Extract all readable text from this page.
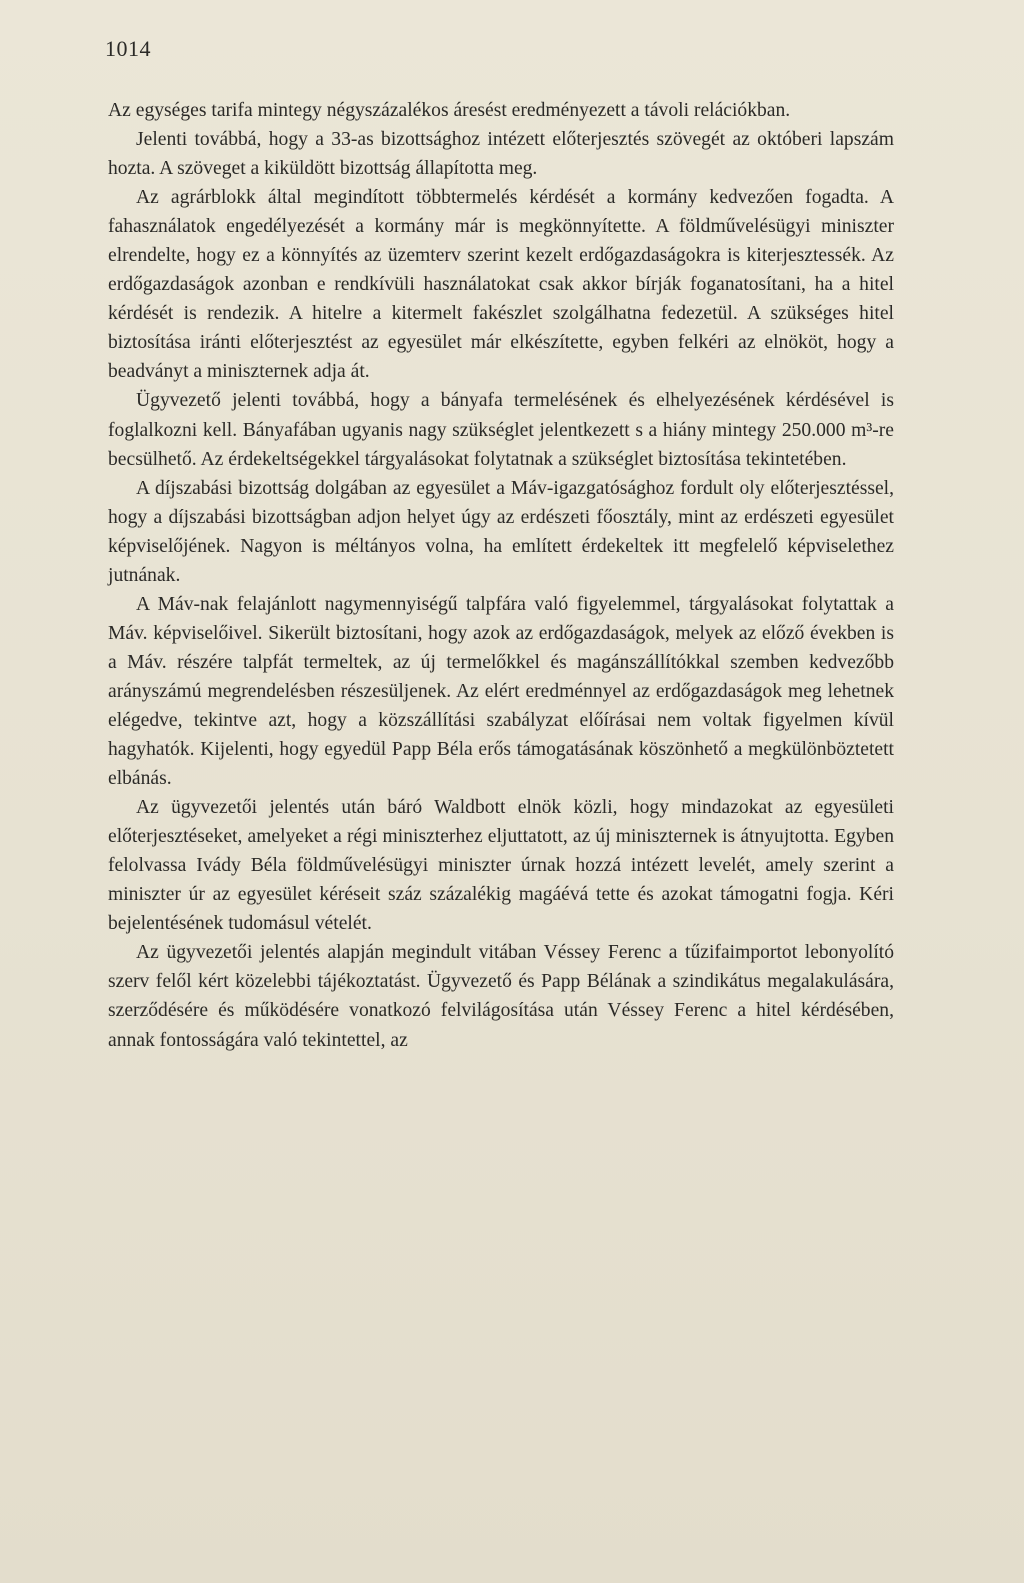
1014

Az egységes tarifa mintegy négyszázalékos áresést eredményezett a távoli relációkban.

Jelenti továbbá, hogy a 33-as bizottsághoz intézett előterjesztés szövegét az októberi lapszám hozta. A szöveget a kiküldött bizottság állapította meg.

Az agrárblokk által megindított többtermelés kérdését a kormány kedvezően fogadta. A fahasználatok engedélyezését a kormány már is megkönnyítette. A földművelésügyi miniszter elrendelte, hogy ez a könnyítés az üzemterv szerint kezelt erdőgazdaságokra is kiterjesztessék. Az erdőgazdaságok azonban e rendkívüli használatokat csak akkor bírják foganatosítani, ha a hitel kérdését is rendezik. A hitelre a kitermelt fakészlet szolgálhatna fedezetül. A szükséges hitel biztosítása iránti előterjesztést az egyesület már elkészítette, egyben felkéri az elnököt, hogy a beadványt a miniszternek adja át.

Ügyvezető jelenti továbbá, hogy a bányafa termelésének és elhelyezésének kérdésével is foglalkozni kell. Bányafában ugyanis nagy szükséglet jelentkezett s a hiány mintegy 250.000 m³-re becsülhető. Az érdekeltségekkel tárgyalásokat folytatnak a szükséglet biztosítása tekintetében.

A díjszabási bizottság dolgában az egyesület a Máv-igazgatósághoz fordult oly előterjesztéssel, hogy a díjszabási bizottságban adjon helyet úgy az erdészeti főosztály, mint az erdészeti egyesület képviselőjének. Nagyon is méltányos volna, ha említett érdekeltek itt megfelelő képviselethez jutnának.

A Máv-nak felajánlott nagymennyiségű talpfára való figyelemmel, tárgyalásokat folytattak a Máv. képviselőivel. Sikerült biztosítani, hogy azok az erdőgazdaságok, melyek az előző években is a Máv. részére talpfát termeltek, az új termelőkkel és magánszállítókkal szemben kedvezőbb arányszámú megrendelésben részesüljenek. Az elért eredménnyel az erdőgazdaságok meg lehetnek elégedve, tekintve azt, hogy a közszállítási szabályzat előírásai nem voltak figyelmen kívül hagyhatók. Kijelenti, hogy egyedül Papp Béla erős támogatásának köszönhető a megkülönböztetett elbánás.

Az ügyvezetői jelentés után báró Waldbott elnök közli, hogy mindazokat az egyesületi előterjesztéseket, amelyeket a régi miniszterhez eljuttatott, az új miniszternek is átnyujtotta. Egyben felolvassa Ivády Béla földművelésügyi miniszter úrnak hozzá intézett levelét, amely szerint a miniszter úr az egyesület kéréseit száz százalékig magáévá tette és azokat támogatni fogja. Kéri bejelentésének tudomásul vételét.

Az ügyvezetői jelentés alapján megindult vitában Véssey Ferenc a tűzifaimportot lebonyolító szerv felől kért közelebbi tájékoztatást. Ügyvezető és Papp Bélának a szindikátus megalakulására, szerződésére és működésére vonatkozó felvilágosítása után Véssey Ferenc a hitel kérdésében, annak fontosságára való tekintettel, az
